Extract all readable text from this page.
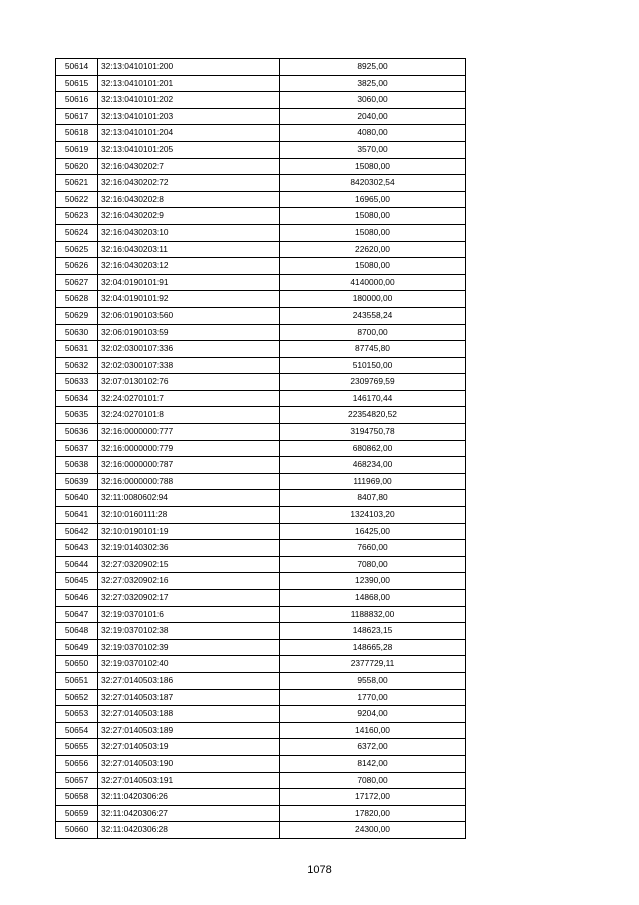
50614	32:13:0410101:200	8925,00
50615	32:13:0410101:201	3825,00
50616	32:13:0410101:202	3060,00
50617	32:13:0410101:203	2040,00
50618	32:13:0410101:204	4080,00
50619	32:13:0410101:205	3570,00
50620	32:16:0430202:7	15080,00
50621	32:16:0430202:72	8420302,54
50622	32:16:0430202:8	16965,00
50623	32:16:0430202:9	15080,00
50624	32:16:0430203:10	15080,00
50625	32:16:0430203:11	22620,00
50626	32:16:0430203:12	15080,00
50627	32:04:0190101:91	4140000,00
50628	32:04:0190101:92	180000,00
50629	32:06:0190103:560	243558,24
50630	32:06:0190103:59	8700,00
50631	32:02:0300107:336	87745,80
50632	32:02:0300107:338	510150,00
50633	32:07:0130102:76	2309769,59
50634	32:24:0270101:7	146170,44
50635	32:24:0270101:8	22354820,52
50636	32:16:0000000:777	3194750,78
50637	32:16:0000000:779	680862,00
50638	32:16:0000000:787	468234,00
50639	32:16:0000000:788	111969,00
50640	32:11:0080602:94	8407,80
50641	32:10:0160111:28	1324103,20
50642	32:10:0190101:19	16425,00
50643	32:19:0140302:36	7660,00
50644	32:27:0320902:15	7080,00
50645	32:27:0320902:16	12390,00
50646	32:27:0320902:17	14868,00
50647	32:19:0370101:6	1188832,00
50648	32:19:0370102:38	148623,15
50649	32:19:0370102:39	148665,28
50650	32:19:0370102:40	2377729,11
50651	32:27:0140503:186	9558,00
50652	32:27:0140503:187	1770,00
50653	32:27:0140503:188	9204,00
50654	32:27:0140503:189	14160,00
50655	32:27:0140503:19	6372,00
50656	32:27:0140503:190	8142,00
50657	32:27:0140503:191	7080,00
50658	32:11:0420306:26	17172,00
50659	32:11:0420306:27	17820,00
50660	32:11:0420306:28	24300,00
1078
